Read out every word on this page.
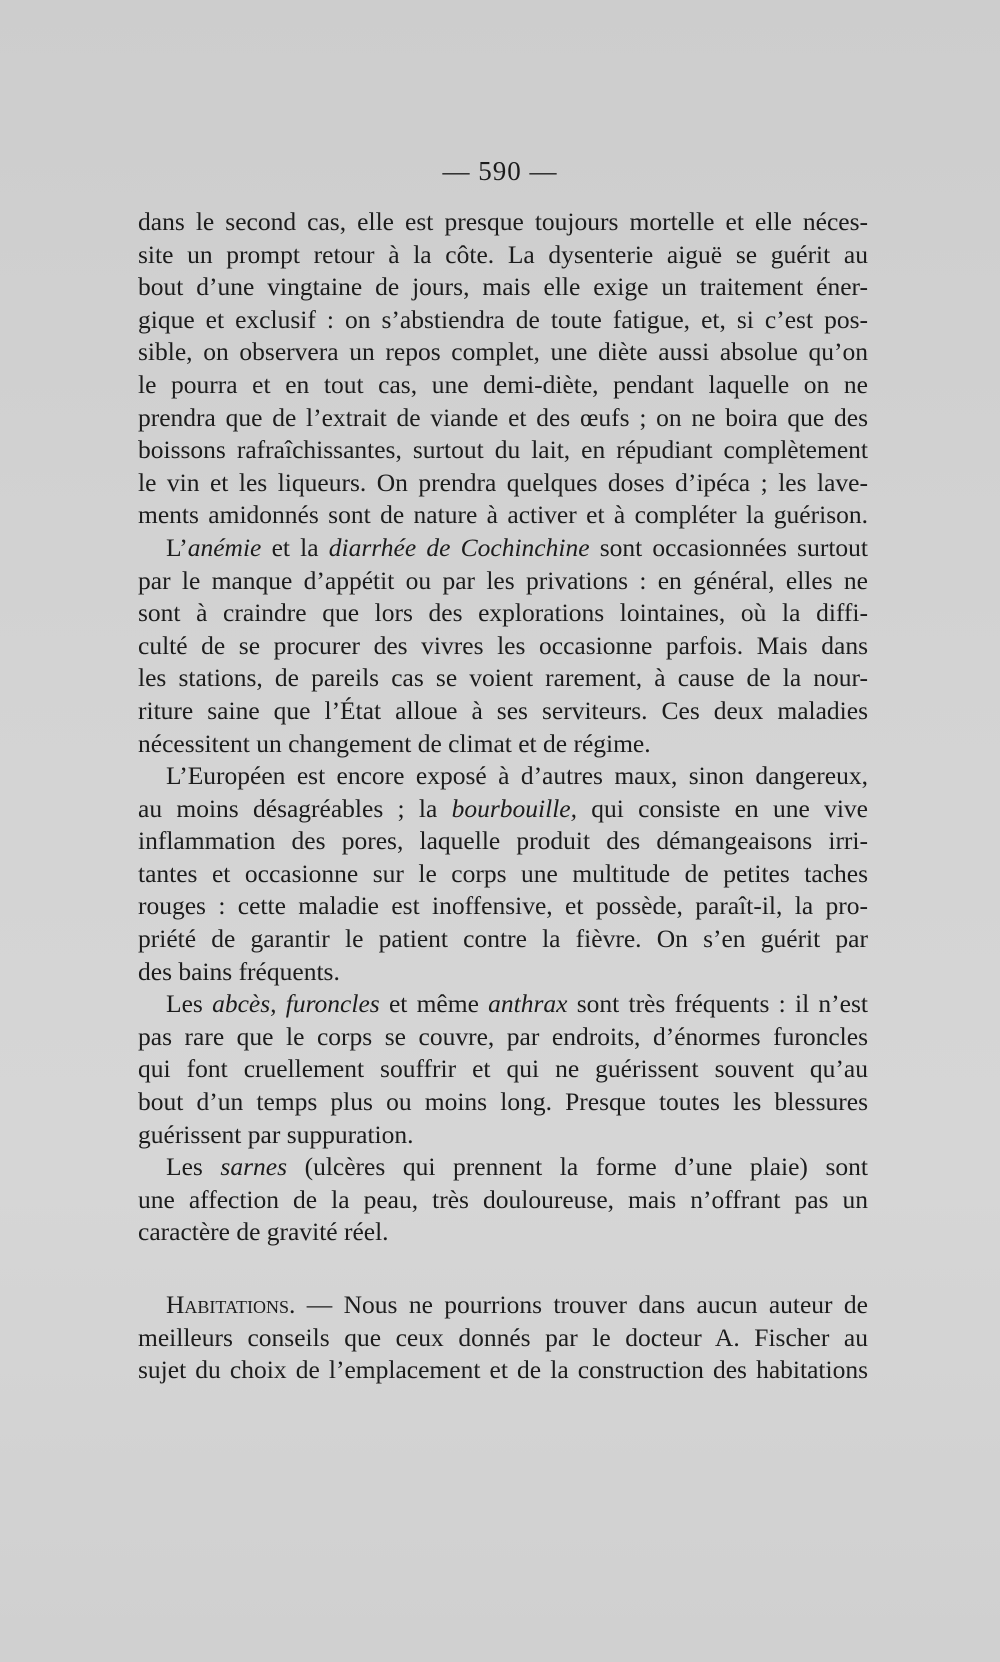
— 590 —
dans le second cas, elle est presque toujours mortelle et elle néces-
site un prompt retour à la côte. La dysenterie aiguë se guérit au
bout d’une vingtaine de jours, mais elle exige un traitement éner-
gique et exclusif : on s’abstiendra de toute fatigue, et, si c’est pos-
sible, on observera un repos complet, une diète aussi absolue qu’on
le pourra et en tout cas, une demi-diète, pendant laquelle on ne
prendra que de l’extrait de viande et des œufs ; on ne boira que des
boissons rafraîchissantes, surtout du lait, en répudiant complètement
le vin et les liqueurs. On prendra quelques doses d’ipéca ; les lave-
ments amidonnés sont de nature à activer et à compléter la guérison.
L’anémie et la diarrhée de Cochinchine sont occasionnées surtout
par le manque d’appétit ou par les privations : en général, elles ne
sont à craindre que lors des explorations lointaines, où la diffi-
culté de se procurer des vivres les occasionne parfois. Mais dans
les stations, de pareils cas se voient rarement, à cause de la nour-
riture saine que l’État alloue à ses serviteurs. Ces deux maladies
nécessitent un changement de climat et de régime.
L’Européen est encore exposé à d’autres maux, sinon dangereux,
au moins désagréables ; la bourbouille, qui consiste en une vive
inflammation des pores, laquelle produit des démangeaisons irri-
tantes et occasionne sur le corps une multitude de petites taches
rouges : cette maladie est inoffensive, et possède, paraît-il, la pro-
priété de garantir le patient contre la fièvre. On s’en guérit par
des bains fréquents.
Les abcès, furoncles et même anthrax sont très fréquents : il n’est
pas rare que le corps se couvre, par endroits, d’énormes furoncles
qui font cruellement souffrir et qui ne guérissent souvent qu’au
bout d’un temps plus ou moins long. Presque toutes les blessures
guérissent par suppuration.
Les sarnes (ulcères qui prennent la forme d’une plaie) sont
une affection de la peau, très douloureuse, mais n’offrant pas un
caractère de gravité réel.
Habitations. — Nous ne pourrions trouver dans aucun auteur de
meilleurs conseils que ceux donnés par le docteur A. Fischer au
sujet du choix de l’emplacement et de la construction des habitations
